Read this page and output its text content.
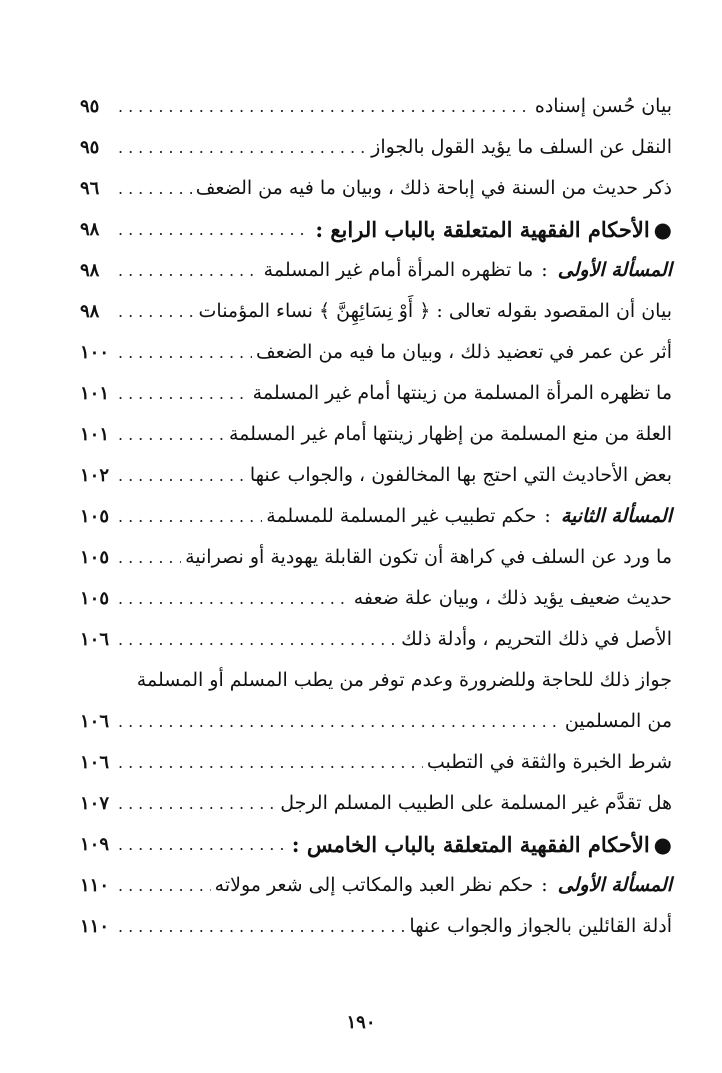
بيان حُسن إسناده
.....
٩٥
النقل عن السلف ما يؤيد القول بالجواز
.....
٩٥
ذكر حديث من السنة في إباحة ذلك ، وبيان ما فيه من الضعف
.....
٩٦
●الأحكام الفقهية المتعلقة بالباب الرابع :
.....
٩٨
المسألة الأولى:ما تظهره المرأة أمام غير المسلمة
.....
٩٨
بيان أن المقصود بقوله تعالى : ﴿ أَوْ نِسَائِهِنَّ ﴾ نساء المؤمنات
.....
٩٨
أثر عن عمر في تعضيد ذلك ، وبيان ما فيه من الضعف
.....
١٠٠
ما تظهره المرأة المسلمة من زينتها أمام غير المسلمة
.....
١٠١
العلة من منع المسلمة من إظهار زينتها أمام غير المسلمة
.....
١٠١
بعض الأحاديث التي احتج بها المخالفون ، والجواب عنها
.....
١٠٢
المسألة الثانية:حكم تطبيب غير المسلمة للمسلمة
.....
١٠٥
ما ورد عن السلف في كراهة أن تكون القابلة يهودية أو نصرانية
.....
١٠٥
حديث ضعيف يؤيد ذلك ، وبيان علة ضعفه
.....
١٠٥
الأصل في ذلك التحريم ، وأدلة ذلك
.....
١٠٦
جواز ذلك للحاجة وللضرورة وعدم توفر من يطب المسلم أو المسلمة
من المسلمين
.....
١٠٦
شرط الخبرة والثقة في التطبب
.....
١٠٦
هل تقدَّم غير المسلمة على الطبيب المسلم الرجل
.....
١٠٧
●الأحكام الفقهية المتعلقة بالباب الخامس :
.....
١٠٩
المسألة الأولى:حكم نظر العبد والمكاتب إلى شعر مولاته
.....
١١٠
أدلة القائلين بالجواز والجواب عنها
.....
١١٠
١٩٠
